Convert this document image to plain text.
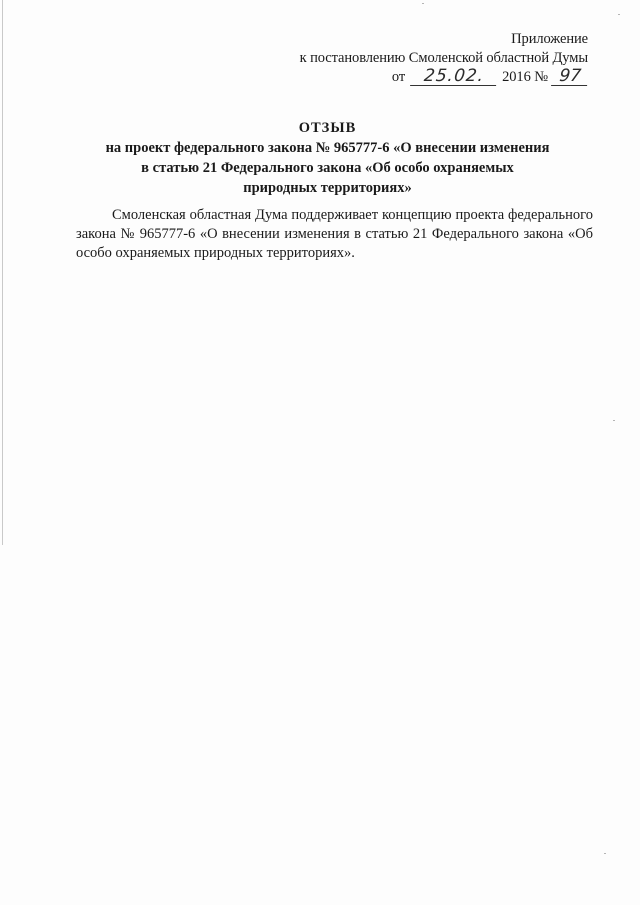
Приложение
к постановлению Смоленской областной Думы
от 25.02. 2016 № 97
ОТЗЫВ
на проект федерального закона № 965777-6 «О внесении изменения
в статью 21 Федерального закона «Об особо охраняемых
природных территориях»
Смоленская областная Дума поддерживает концепцию проекта федерального закона № 965777-6 «О внесении изменения в статью 21 Федерального закона «Об особо охраняемых природных территориях».
